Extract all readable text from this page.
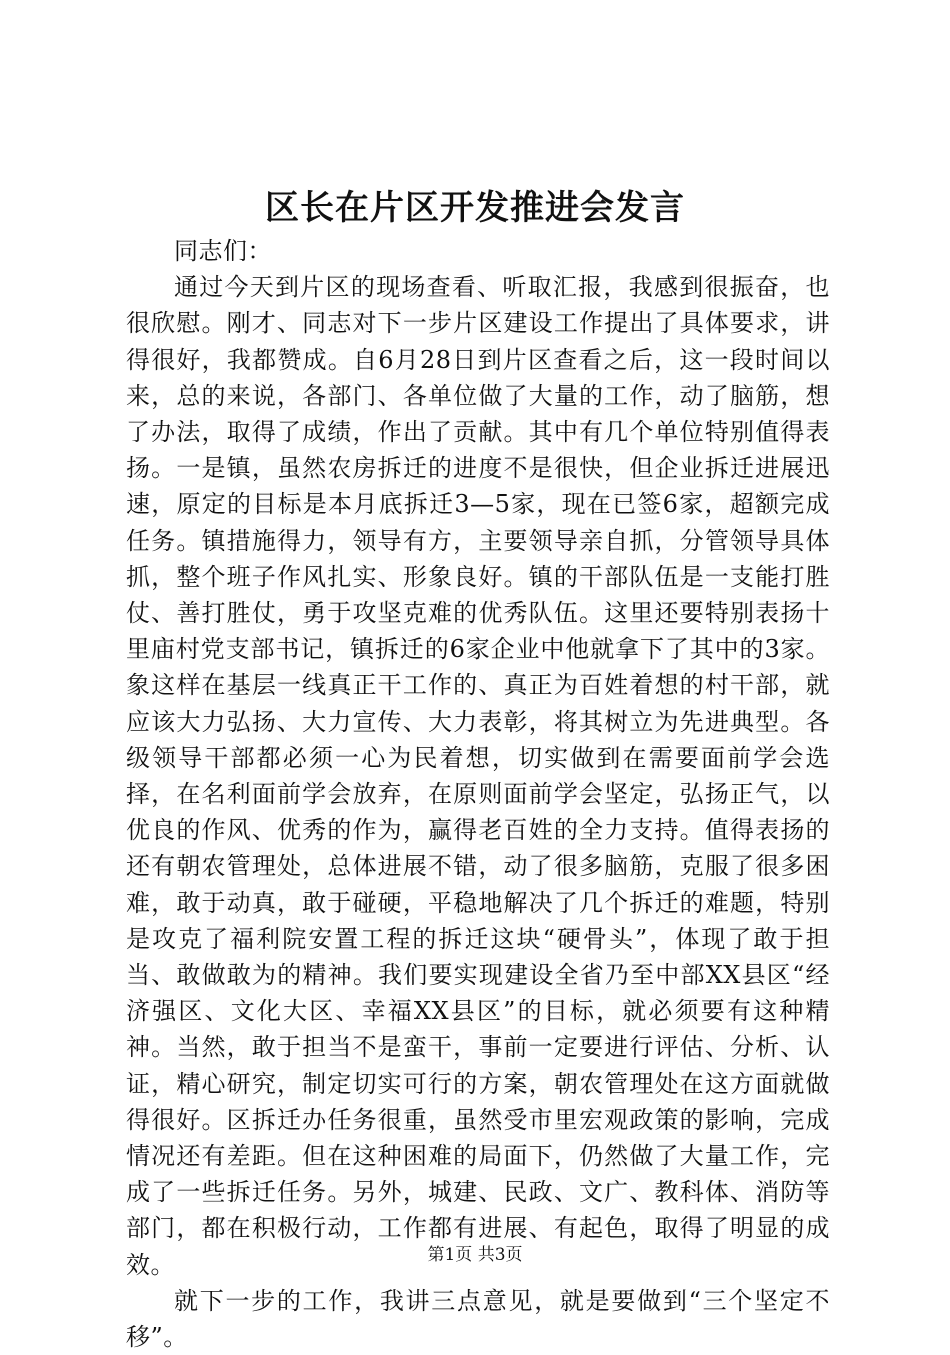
区长在片区开发推进会发言

同志们：

通过今天到片区的现场查看、听取汇报，我感到很振奋，也很欣慰。刚才、同志对下一步片区建设工作提出了具体要求，讲得很好，我都赞成。自6月28日到片区查看之后，这一段时间以来，总的来说，各部门、各单位做了大量的工作，动了脑筋，想了办法，取得了成绩，作出了贡献。其中有几个单位特别值得表扬。一是镇，虽然农房拆迁的进度不是很快，但企业拆迁进展迅速，原定的目标是本月底拆迁3—5家，现在已签6家，超额完成任务。镇措施得力，领导有方，主要领导亲自抓，分管领导具体抓，整个班子作风扎实、形象良好。镇的干部队伍是一支能打胜仗、善打胜仗，勇于攻坚克难的优秀队伍。这里还要特别表扬十里庙村党支部书记，镇拆迁的6家企业中他就拿下了其中的3家。象这样在基层一线真正干工作的、真正为百姓着想的村干部，就应该大力弘扬、大力宣传、大力表彰，将其树立为先进典型。各级领导干部都必须一心为民着想，切实做到在需要面前学会选择，在名利面前学会放弃，在原则面前学会坚定，弘扬正气，以优良的作风、优秀的作为，赢得老百姓的全力支持。值得表扬的还有朝农管理处，总体进展不错，动了很多脑筋，克服了很多困难，敢于动真，敢于碰硬，平稳地解决了几个拆迁的难题，特别是攻克了福利院安置工程的拆迁这块“硬骨头”，体现了敢于担当、敢做敢为的精神。我们要实现建设全省乃至中部XX县区“经济强区、文化大区、幸福XX县区”的目标，就必须要有这种精神。当然，敢于担当不是蛮干，事前一定要进行评估、分析、认证，精心研究，制定切实可行的方案，朝农管理处在这方面就做得很好。区拆迁办任务很重，虽然受市里宏观政策的影响，完成情况还有差距。但在这种困难的局面下，仍然做了大量工作，完成了一些拆迁任务。另外，城建、民政、文广、教科体、消防等部门，都在积极行动，工作都有进展、有起色，取得了明显的成效。

就下一步的工作，我讲三点意见，就是要做到“三个坚定不移”。

第1页 共3页
